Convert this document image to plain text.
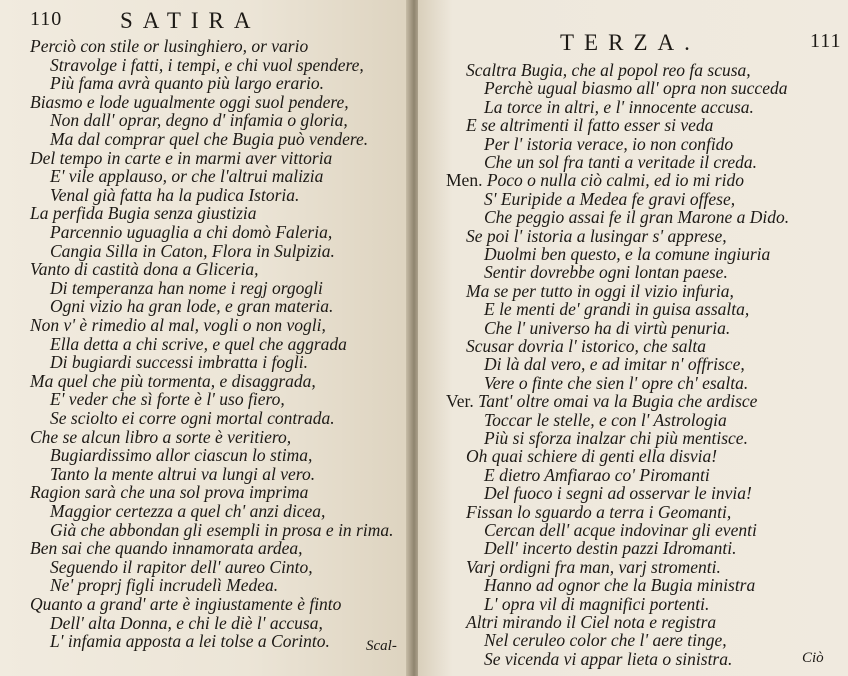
110	SATIRA
Perciò con stile or lusinghiero, or vario
Stravolge i fatti, i tempi, e chi vuol spendere,
Più fama avrà quanto più largo erario.
Biasmo e lode ugualmente oggi suol pendere,
Non dall' oprar, degno d' infamia o gloria,
Ma dal comprar quel che Bugia può vendere.
Del tempo in carte e in marmi aver vittoria
E' vile applauso, or che l'altrui malizia
Venal già fatta ha la pudica Istoria.
La perfida Bugia senza giustizia
Parcennio uguaglia a chi domò Faleria,
Cangia Silla in Caton, Flora in Sulpizia.
Vanto di castità dona a Gliceria,
Di temperanza han nome i regj orgogli
Ogni vizio ha gran lode, e gran materia.
Non v' è rimedio al mal, vogli o non vogli,
Ella detta a chi scrive, e quel che aggrada
Di bugiardi successi imbratta i fogli.
Ma quel che più tormenta, e disaggrada,
E' veder che sì forte è l' uso fiero,
Se sciolto ei corre ogni mortal contrada.
Che se alcun libro a sorte è veritiero,
Bugiardissimo allor ciascun lo stima,
Tanto la mente altrui va lungi al vero.
Ragion sarà che una sol prova imprima
Maggior certezza a quel ch' anzi dicea,
Già che abbondan gli esempli in prosa e in rima.
Ben sai che quando innamorata ardea,
Seguendo il rapitor dell' aureo Cinto,
Ne' proprj figli incrudelì Medea.
Quanto a grand' arte è ingiustamente è finto
Dell' alta Donna, e chi le diè l' accusa,
L' infamia apposta a lei tolse a Corinto. Scal-
TERZA.	111
Scaltra Bugia, che al popol reo fa scusa,
Perchè ugual biasmo all' opra non succeda
La torce in altri, e l' innocente accusa.
E se altrimenti il fatto esser si veda
Per l' istoria verace, io non confido
Che un sol fra tanti a veritade il creda.
Men. Poco o nulla ciò calmi, ed io mi rido
S' Euripide a Medea fe gravi offese,
Che peggio assai fe il gran Marone a Dido.
Se poi l' istoria a lusingar s' apprese,
Duolmi ben questo, e la comune ingiuria
Sentir dovrebbe ogni lontan paese.
Ma se per tutto in oggi il vizio infuria,
E le menti de' grandi in guisa assalta,
Che l' universo ha di virtù penuria.
Scusar dovria l' istorico, che salta
Di là dal vero, e ad imitar n' offrisce,
Vere o finte che sien l' opre ch' esalta.
Ver. Tant' oltre omai va la Bugia che ardisce
Toccar le stelle, e con l' Astrologia
Più si sforza inalzar chi più mentisce.
Oh quai schiere di genti ella disvia!
E dietro Amfiarao co' Piromanti
Del fuoco i segni ad osservar le invia!
Fissan lo sguardo a terra i Geomanti,
Cercan dell' acque indovinar gli eventi
Dell' incerto destin pazzi Idromanti.
Varj ordigni fra man, varj stromenti.
Hanno ad ognor che la Bugia ministra
L' opra vil di magnifici portenti.
Altri mirando il Ciel nota e registra
Nel ceruleo color che l' aere tinge,
Se vicenda vi appar lieta o sinistra.	Ciò
